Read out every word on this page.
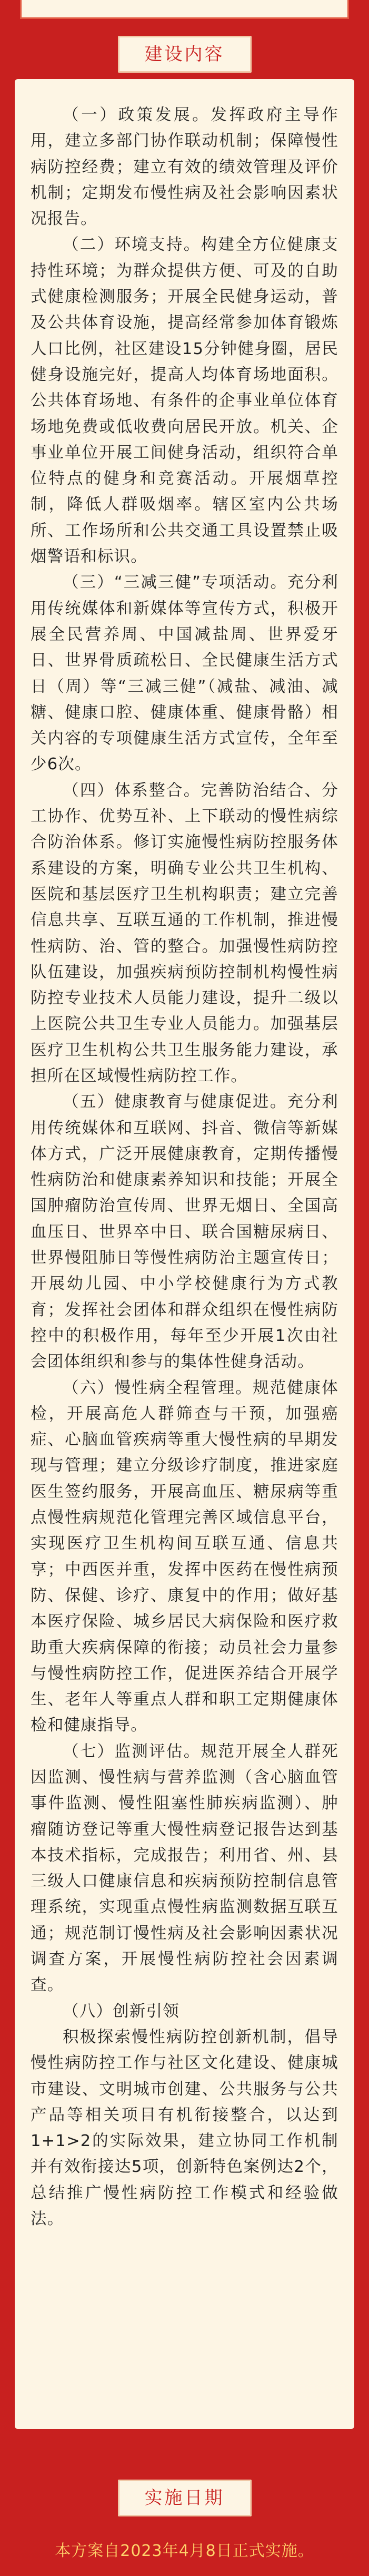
建设内容

（一）政策发展。发挥政府主导作用，建立多部门协作联动机制；保障慢性病防控经费；建立有效的绩效管理及评价机制；定期发布慢性病及社会影响因素状况报告。

（二）环境支持。构建全方位健康支持性环境；为群众提供方便、可及的自助式健康检测服务；开展全民健身运动，普及公共体育设施，提高经常参加体育锻炼人口比例，社区建设15分钟健身圈，居民健身设施完好，提高人均体育场地面积。公共体育场地、有条件的企事业单位体育场地免费或低收费向居民开放。机关、企事业单位开展工间健身活动，组织符合单位特点的健身和竞赛活动。开展烟草控制，降低人群吸烟率。辖区室内公共场所、工作场所和公共交通工具设置禁止吸烟警语和标识。

（三）“三减三健”专项活动。充分利用传统媒体和新媒体等宣传方式，积极开展全民营养周、中国减盐周、世界爱牙日、世界骨质疏松日、全民健康生活方式日（周）等“三减三健”（减盐、减油、减糖、健康口腔、健康体重、健康骨骼）相关内容的专项健康生活方式宣传，全年至少6次。

（四）体系整合。完善防治结合、分工协作、优势互补、上下联动的慢性病综合防治体系。修订实施慢性病防控服务体系建设的方案，明确专业公共卫生机构、医院和基层医疗卫生机构职责；建立完善信息共享、互联互通的工作机制，推进慢性病防、治、管的整合。加强慢性病防控队伍建设，加强疾病预防控制机构慢性病防控专业技术人员能力建设，提升二级以上医院公共卫生专业人员能力。加强基层医疗卫生机构公共卫生服务能力建设，承担所在区域慢性病防控工作。

（五）健康教育与健康促进。充分利用传统媒体和互联网、抖音、微信等新媒体方式，广泛开展健康教育，定期传播慢性病防治和健康素养知识和技能；开展全国肿瘤防治宣传周、世界无烟日、全国高血压日、世界卒中日、联合国糖尿病日、世界慢阻肺日等慢性病防治主题宣传日；开展幼儿园、中小学校健康行为方式教育；发挥社会团体和群众组织在慢性病防控中的积极作用，每年至少开展1次由社会团体组织和参与的集体性健身活动。

（六）慢性病全程管理。规范健康体检，开展高危人群筛查与干预，加强癌症、心脑血管疾病等重大慢性病的早期发现与管理；建立分级诊疗制度，推进家庭医生签约服务，开展高血压、糖尿病等重点慢性病规范化管理完善区域信息平台，实现医疗卫生机构间互联互通、信息共享；中西医并重，发挥中医药在慢性病预防、保健、诊疗、康复中的作用；做好基本医疗保险、城乡居民大病保险和医疗救助重大疾病保障的衔接；动员社会力量参与慢性病防控工作，促进医养结合开展学生、老年人等重点人群和职工定期健康体检和健康指导。

（七）监测评估。规范开展全人群死因监测、慢性病与营养监测（含心脑血管事件监测、慢性阻塞性肺疾病监测）、肿瘤随访登记等重大慢性病登记报告达到基本技术指标，完成报告；利用省、州、县三级人口健康信息和疾病预防控制信息管理系统，实现重点慢性病监测数据互联互通；规范制订慢性病及社会影响因素状况调查方案，开展慢性病防控社会因素调查。

（八）创新引领

积极探索慢性病防控创新机制，倡导慢性病防控工作与社区文化建设、健康城市建设、文明城市创建、公共服务与公共产品等相关项目有机衔接整合，以达到1+1>2的实际效果，建立协同工作机制并有效衔接达5项，创新特色案例达2个，总结推广慢性病防控工作模式和经验做法。

实施日期
本方案自2023年4月8日正式实施。
